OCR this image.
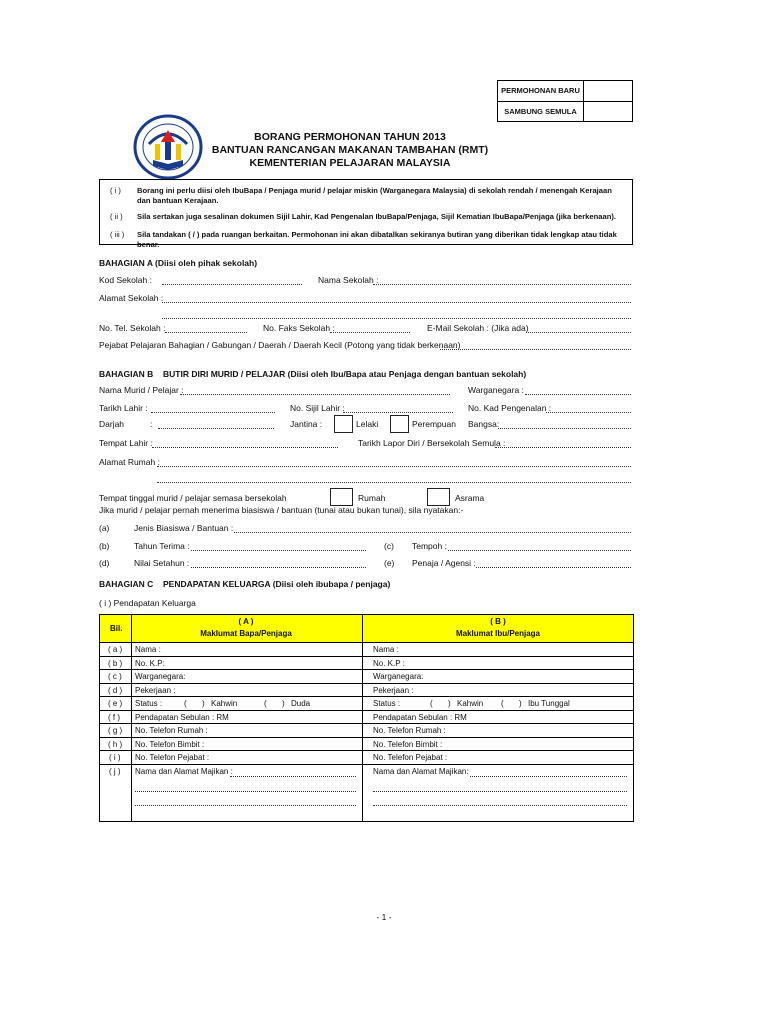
PERMOHONAN BARU
SAMBUNG SEMULA
BORANG PERMOHONAN TAHUN 2013
BANTUAN RANCANGAN MAKANAN TAMBAHAN (RMT)
KEMENTERIAN PELAJARAN MALAYSIA
( i ) Borang ini perlu diisi oleh IbuBapa / Penjaga murid / pelajar miskin (Warganegara Malaysia) di sekolah rendah / menengah Kerajaan dan bantuan Kerajaan.
( ii ) Sila sertakan juga sesalinan dokumen Sijil Lahir, Kad Pengenalan IbuBapa/Penjaga, Sijil Kematian IbuBapa/Penjaga (jika berkenaan).
( iii ) Sila tandakan ( / ) pada ruangan berkaitan. Permohonan ini akan dibatalkan sekiranya butiran yang diberikan tidak lengkap atau tidak benar.
BAHAGIAN A (Diisi oleh pihak sekolah)
Kod Sekolah :	Nama Sekolah :
Alamat Sekolah :
No. Tel. Sekolah :	No. Faks Sekolah :	E-Mail Sekolah : (Jika ada)
Pejabat Pelajaran Bahagian / Gabungan / Daerah / Daerah Kecil (Potong yang tidak berkenaan)
BAHAGIAN B BUTIR DIRI MURID / PELAJAR (Diisi oleh Ibu/Bapa atau Penjaga dengan bantuan sekolah)
Nama Murid / Pelajar :	Warganegara :
Tarikh Lahir :	No. Sijil Lahir :	No. Kad Pengenalan :
Darjah	:	Jantina :	Lelaki	Perempuan Bangsa:
Tempat Lahir :	Tarikh Lapor Diri / Bersekolah Semula :
Alamat Rumah :
Tempat tinggal murid / pelajar semasa bersekolah	Rumah	Asrama
Jika murid / pelajar pernah menerima biasiswa / bantuan (tunai atau bukan tunai), sila nyatakan:-
(a)	Jenis Biasiswa / Bantuan :
(b)	Tahun Terima :	(c) Tempoh :
(d)	Nilai Setahun :	(e) Penaja / Agensi :
BAHAGIAN C PENDAPATAN KELUARGA (Diisi oleh ibubapa / penjaga)
( i ) Pendapatan Keluarga
Bil.
( A )
Maklumat Bapa/Penjaga
( B )
Maklumat Ibu/Penjaga
( a ) Nama :	Nama :
( b ) No. K.P:	No. K.P :
( c ) Warganegara:	Warganegara:
( d ) Pekerjaan :	Pekerjaan :
( e ) Status :	( ) Kahwin	( ) Duda	Status :	( ) Kahwin ( ) Ibu Tunggal
( f ) Pendapatan Sebulan : RM	Pendapatan Sebulan : RM
( g ) No. Telefon Rumah :	No. Telefon Rumah :
( h ) No. Telefon Bimbit :	No. Telefon Bimbit :
( i ) No. Telefon Pejabat :	No. Telefon Pejabat :
( j ) Nama dan Alamat Majikan :	Nama dan Alamat Majikan:
- 1 -
